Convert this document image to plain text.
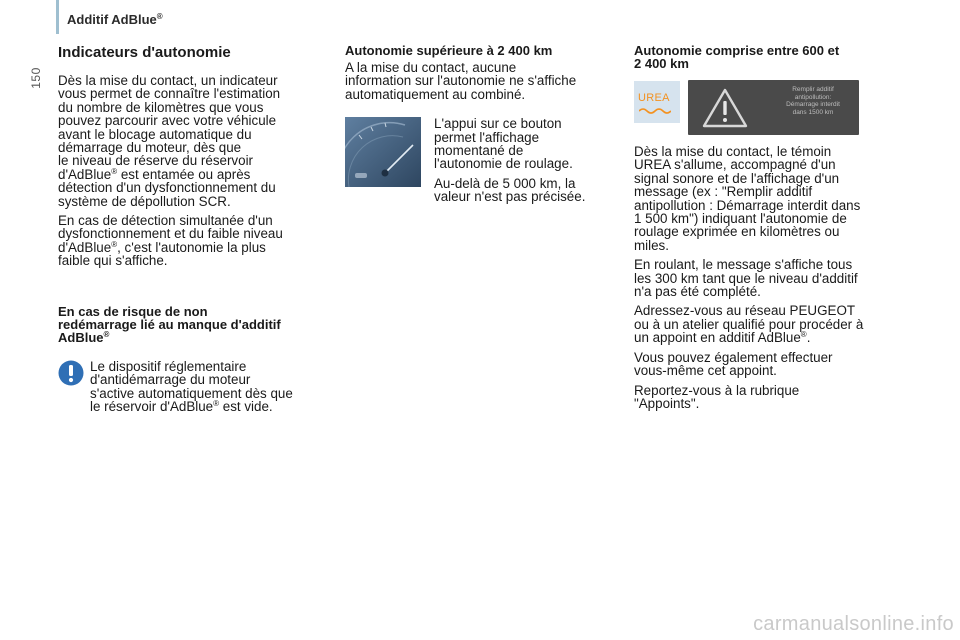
150
Additif AdBlue®
Indicateurs d'autonomie

Dès la mise du contact, un indicateur
vous permet de connaître l'estimation
du nombre de kilomètres que vous
pouvez parcourir avec votre véhicule
avant le blocage automatique du
démarrage du moteur, dès que
le niveau de réserve du réservoir
d'AdBlue® est entamée ou après
détection d'un dysfonctionnement du
système de dépollution SCR.

En cas de détection simultanée d'un
dysfonctionnement et du faible niveau
d'AdBlue®, c'est l'autonomie la plus
faible qui s'affiche.

En cas de risque de non
redémarrage lié au manque d'additif
AdBlue®

Le dispositif réglementaire
d'antidémarrage du moteur
s'active automatiquement dès que
le réservoir d'AdBlue® est vide.

Autonomie supérieure à 2 400 km

A la mise du contact, aucune
information sur l'autonomie ne s'affiche
automatiquement au combiné.

L'appui sur ce bouton
permet l'affichage
momentané de
l'autonomie de roulage.

Au-delà de 5 000 km, la
valeur n'est pas précisée.

Autonomie comprise entre 600 et
2 400 km
UREA
Remplir additif
antipollution:
Démarrage interdit
dans 1500 km

Dès la mise du contact, le témoin
UREA s'allume, accompagné d'un
signal sonore et de l'affichage d'un
message (ex : "Remplir additif
antipollution : Démarrage interdit dans
1 500 km") indiquant l'autonomie de
roulage exprimée en kilomètres ou
miles.

En roulant, le message s'affiche tous
les 300 km tant que le niveau d'additif
n'a pas été complété.

Adressez-vous au réseau PEUGEOT
ou à un atelier qualifié pour procéder à
un appoint en additif AdBlue®.

Vous pouvez également effectuer
vous-même cet appoint.

Reportez-vous à la rubrique
"Appoints".

carmanualsonline.info
